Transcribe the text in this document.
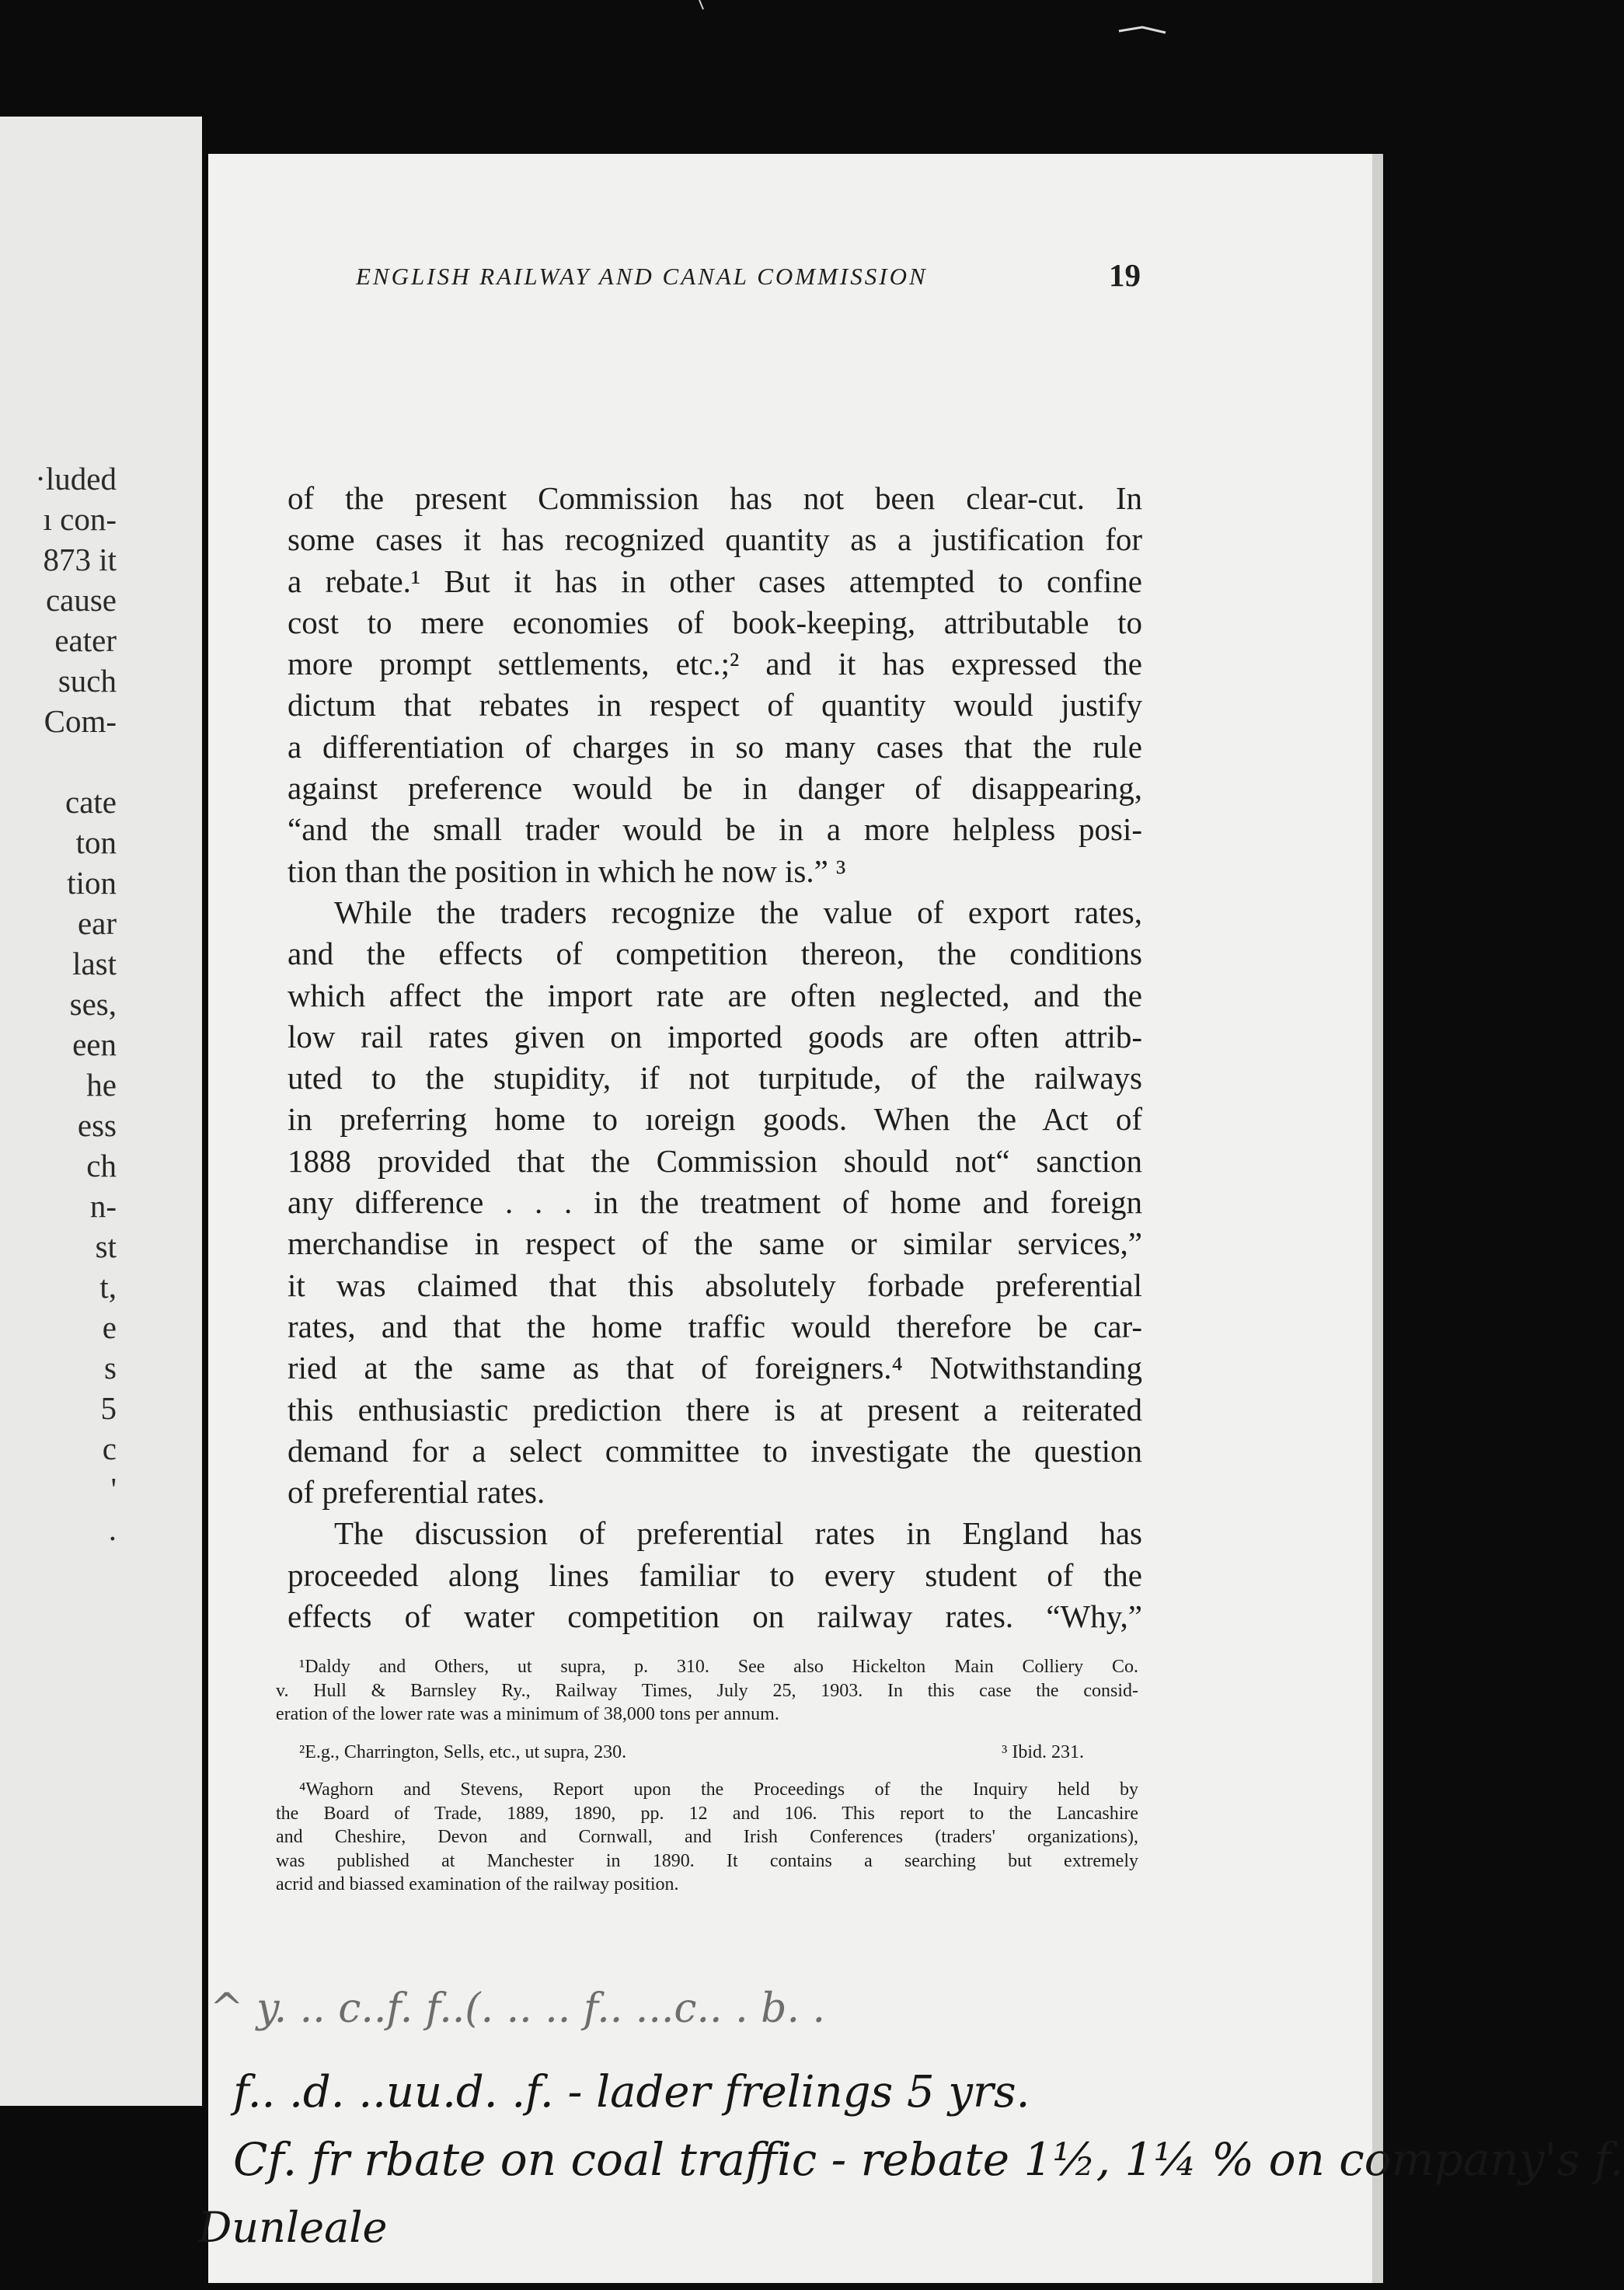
·luded
ı con-
873 it
cause
eater
such
Com-

cate
ton
tion
ear
last
ses,
een
he
ess
ch
n-
st
t,
e
s
5
c
'
.
ENGLISH RAILWAY AND CANAL COMMISSION	19
of the present Commission has not been clear-cut. In
some cases it has recognized quantity as a justification for
a rebate.¹ But it has in other cases attempted to confine
cost to mere economies of book-keeping, attributable to
more prompt settlements, etc.;² and it has expressed the
dictum that rebates in respect of quantity would justify
a differentiation of charges in so many cases that the rule
against preference would be in danger of disappearing,
“and the small trader would be in a more helpless posi-
tion than the position in which he now is.” ³
While the traders recognize the value of export rates,
and the effects of competition thereon, the conditions
which affect the import rate are often neglected, and the
low rail rates given on imported goods are often attrib-
uted to the stupidity, if not turpitude, of the railways
in preferring home to ıoreign goods. When the Act of
1888 provided that the Commission should not“ sanction
any difference . . . in the treatment of home and foreign
merchandise in respect of the same or similar services,”
it was claimed that this absolutely forbade preferential
rates, and that the home traffic would therefore be car-
ried at the same as that of foreigners.⁴ Notwithstanding
this enthusiastic prediction there is at present a reiterated
demand for a select committee to investigate the question
of preferential rates.
The discussion of preferential rates in England has
proceeded along lines familiar to every student of the
effects of water competition on railway rates. “Why,”
¹Daldy and Others, ut supra, p. 310. See also Hickelton Main Colliery Co.
v. Hull & Barnsley Ry., Railway Times, July 25, 1903. In this case the consid-
eration of the lower rate was a minimum of 38,000 tons per annum.
²E.g., Charrington, Sells, etc., ut supra, 230.	³ Ibid. 231.
⁴Waghorn and Stevens, Report upon the Proceedings of the Inquiry held by
the Board of Trade, 1889, 1890, pp. 12 and 106. This report to the Lancashire
and Cheshire, Devon and Cornwall, and Irish Conferences (traders' organizations),
was published at Manchester in 1890. It contains a searching but extremely
acrid and biassed examination of the railway position.
^ y. .. c..f. f..(. .. .. f.. ...c.. . b. .
f.. .d. ..uu.d. .f. - lader frelings 5 yrs.
Cf. fr rbate on coal traffic - rebate 1½, 1¼ % on company's f.
Dunleale
